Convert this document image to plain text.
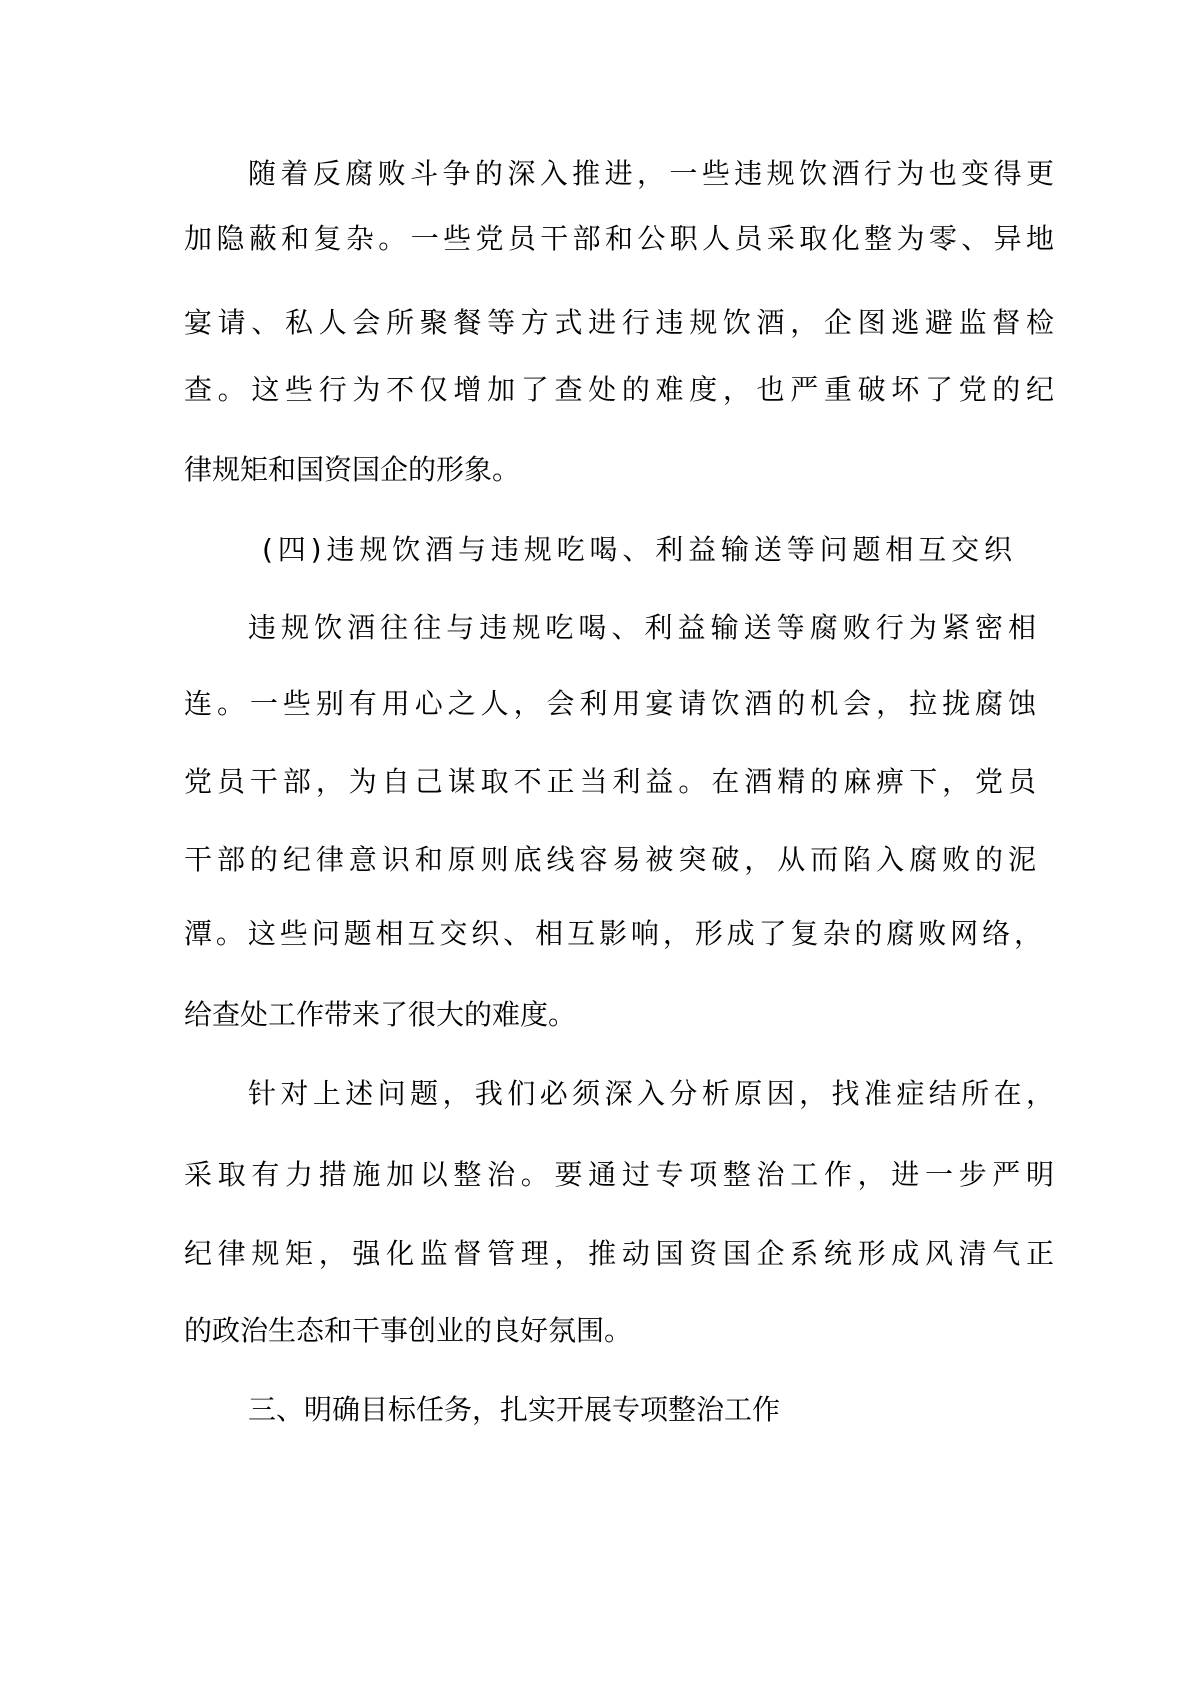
随着反腐败斗争的深入推进，一些违规饮酒行为也变得更
加隐蔽和复杂。一些党员干部和公职人员采取化整为零、异地
宴请、私人会所聚餐等方式进行违规饮酒，企图逃避监督检
查。这些行为不仅增加了查处的难度，也严重破坏了党的纪
律规矩和国资国企的形象。
(四)违规饮酒与违规吃喝、利益输送等问题相互交织
违规饮酒往往与违规吃喝、利益输送等腐败行为紧密相
连。一些别有用心之人，会利用宴请饮酒的机会，拉拢腐蚀
党员干部，为自己谋取不正当利益。在酒精的麻痹下，党员
干部的纪律意识和原则底线容易被突破，从而陷入腐败的泥
潭。这些问题相互交织、相互影响，形成了复杂的腐败网络，
给查处工作带来了很大的难度。
针对上述问题，我们必须深入分析原因，找准症结所在，
采取有力措施加以整治。要通过专项整治工作，进一步严明
纪律规矩，强化监督管理，推动国资国企系统形成风清气正
的政治生态和干事创业的良好氛围。
三、明确目标任务，扎实开展专项整治工作
